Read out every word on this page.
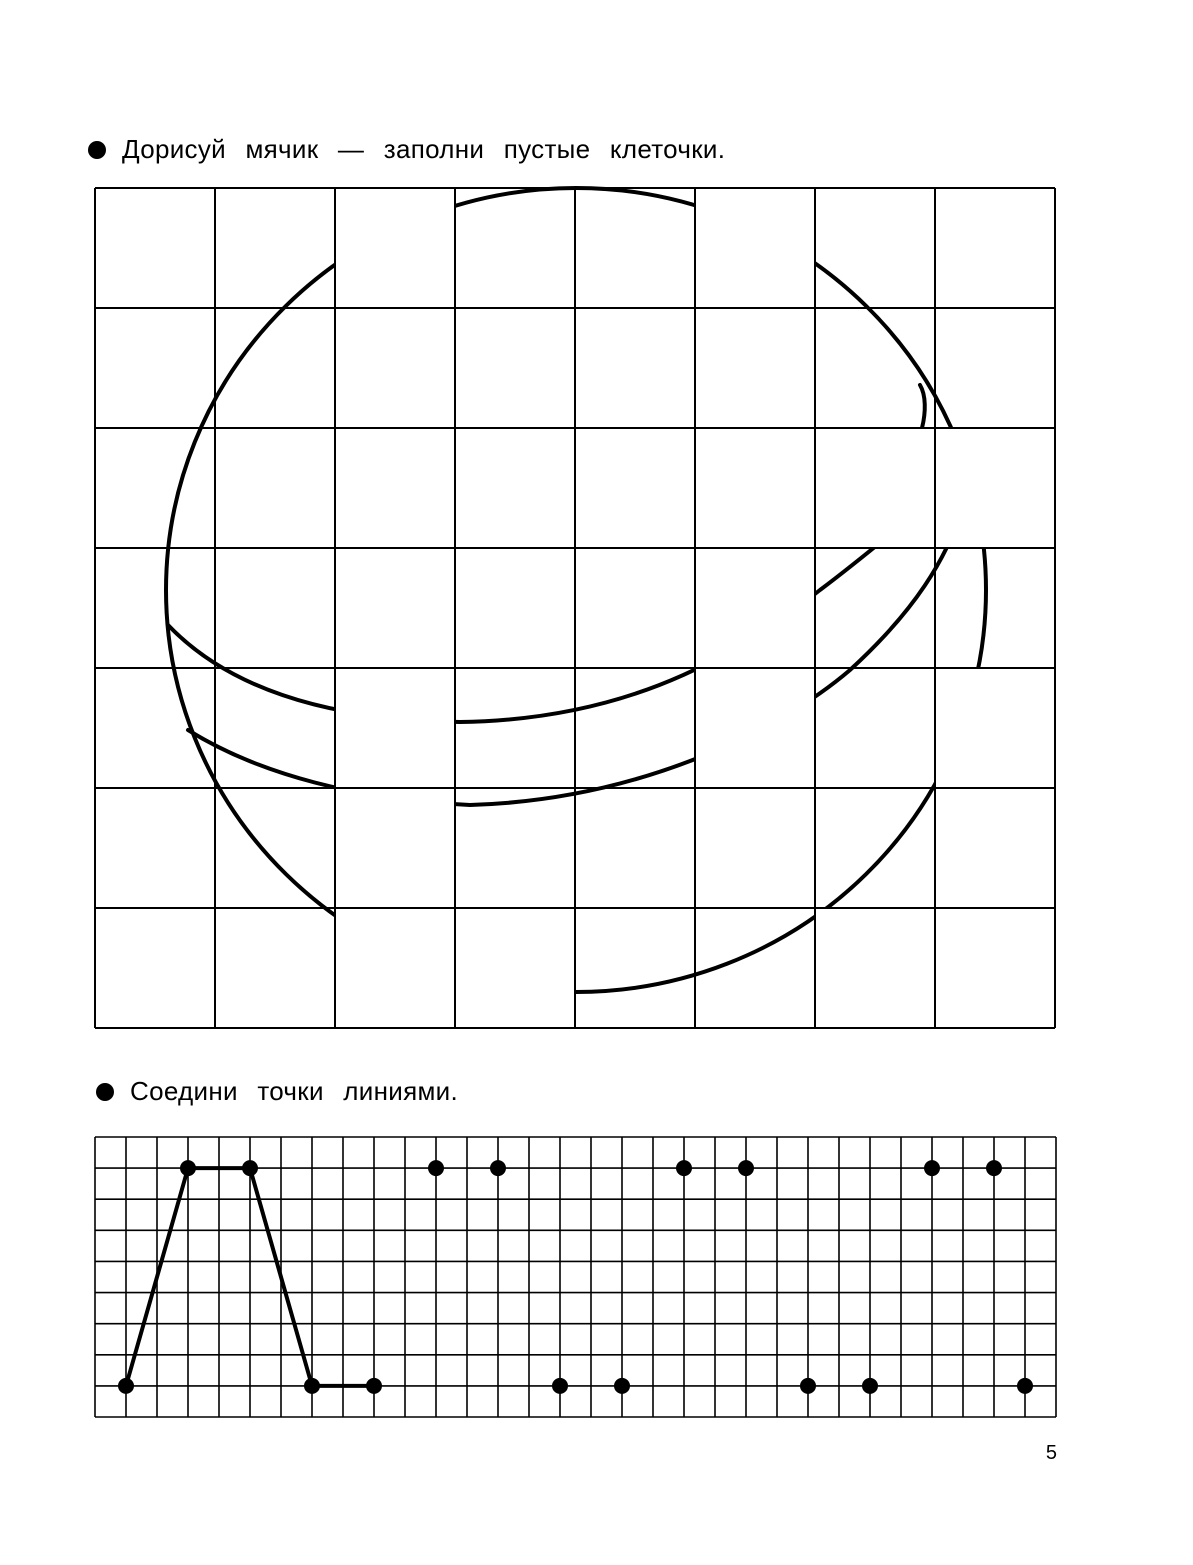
Дорисуй мячик — заполни пустые клеточки.
Соедини точки линиями.
5
